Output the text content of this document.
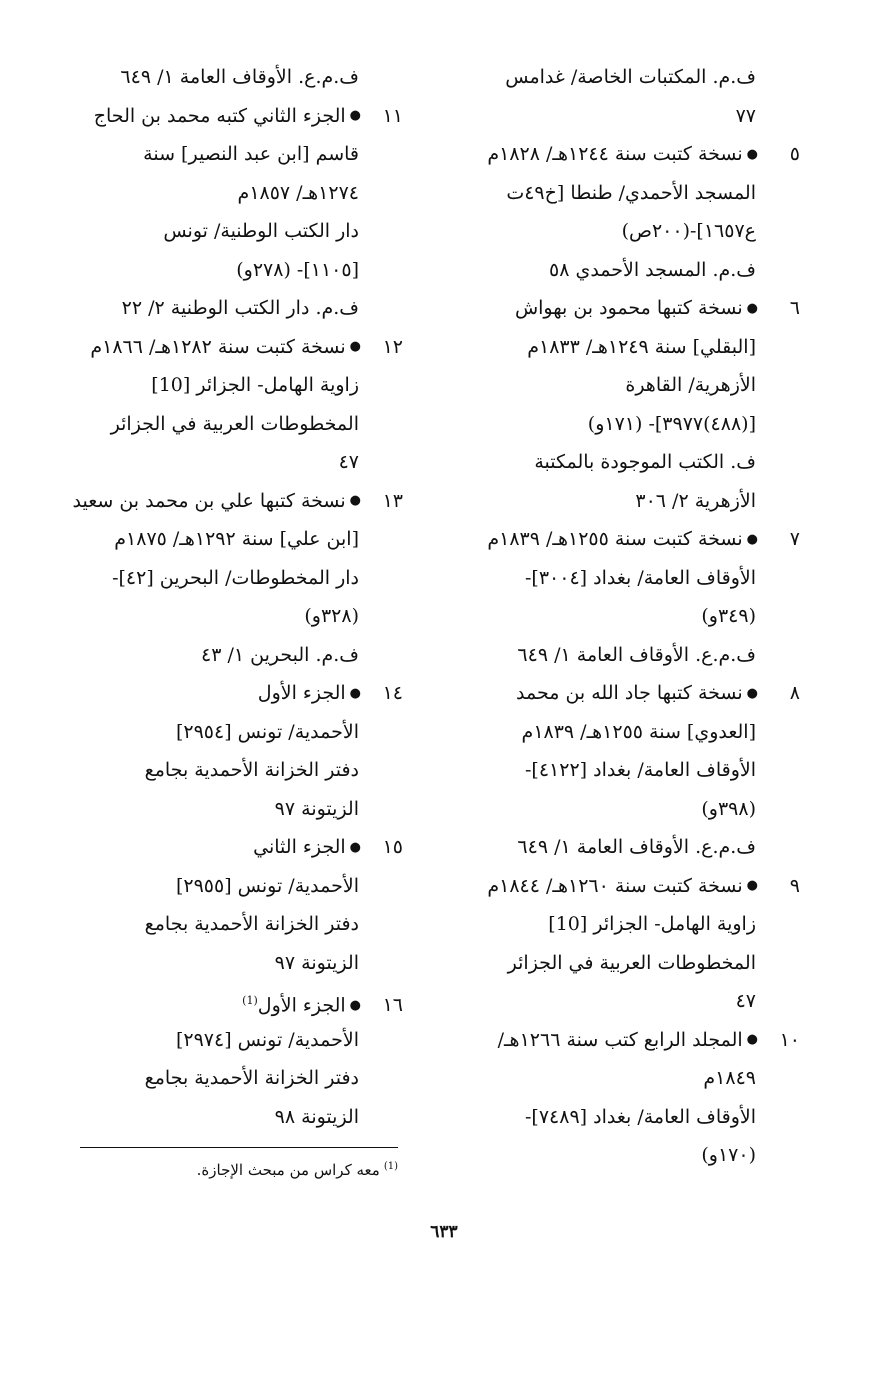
ف.م. المكتبات الخاصة/ غدامس
٧٧
٥●نسخة كتبت سنة ١٢٤٤هـ/ ١٨٢٨م
المسجد الأحمدي/ طنطا [خ٤٩ت
ع١٦٥٧]-(٢٠٠ص)
ف.م. المسجد الأحمدي ٥٨
٦●نسخة كتبها محمود بن بهواش
[البقلي] سنة ١٢٤٩هـ/ ١٨٣٣م
الأزهرية/ القاهرة
[(٤٨٨)٣٩٧٧]- (١٧١و)
ف. الكتب الموجودة بالمكتبة
الأزهرية ٢/ ٣٠٦
٧●نسخة كتبت سنة ١٢٥٥هـ/ ١٨٣٩م
الأوقاف العامة/ بغداد [٣٠٠٤]-
(٣٤٩و)
ف.م.ع. الأوقاف العامة ١/ ٦٤٩
٨●نسخة كتبها جاد الله بن محمد
[العدوي] سنة ١٢٥٥هـ/ ١٨٣٩م
الأوقاف العامة/ بغداد [٤١٢٢]-
(٣٩٨و)
ف.م.ع. الأوقاف العامة ١/ ٦٤٩
٩●نسخة كتبت سنة ١٢٦٠هـ/ ١٨٤٤م
زاوية الهامل- الجزائر [10]
المخطوطات العربية في الجزائر
٤٧
١٠●المجلد الرابع كتب سنة ١٢٦٦هـ/
١٨٤٩م
الأوقاف العامة/ بغداد [٧٤٨٩]-
(١٧٠و)
ف.م.ع. الأوقاف العامة ١/ ٦٤٩
١١●الجزء الثاني كتبه محمد بن الحاج
قاسم [ابن عبد النصير] سنة
١٢٧٤هـ/ ١٨٥٧م
دار الكتب الوطنية/ تونس
[١١٠٥]- (٢٧٨و)
ف.م. دار الكتب الوطنية ٢/ ٢٢
١٢●نسخة كتبت سنة ١٢٨٢هـ/ ١٨٦٦م
زاوية الهامل- الجزائر [10]
المخطوطات العربية في الجزائر
٤٧
١٣●نسخة كتبها علي بن محمد بن سعيد
[ابن علي] سنة ١٢٩٢هـ/ ١٨٧٥م
دار المخطوطات/ البحرين [٤٢]-
(٣٢٨و)
ف.م. البحرين ١/ ٤٣
١٤●الجزء الأول
الأحمدية/ تونس [٢٩٥٤]
دفتر الخزانة الأحمدية بجامع
الزيتونة ٩٧
١٥●الجزء الثاني
الأحمدية/ تونس [٢٩٥٥]
دفتر الخزانة الأحمدية بجامع
الزيتونة ٩٧
١٦●الجزء الأول$^{(1)}$
الأحمدية/ تونس [٢٩٧٤]
دفتر الخزانة الأحمدية بجامع
الزيتونة ٩٨
$^{(1)}$معه كراس من مبحث الإجازة.
٦٣٣
